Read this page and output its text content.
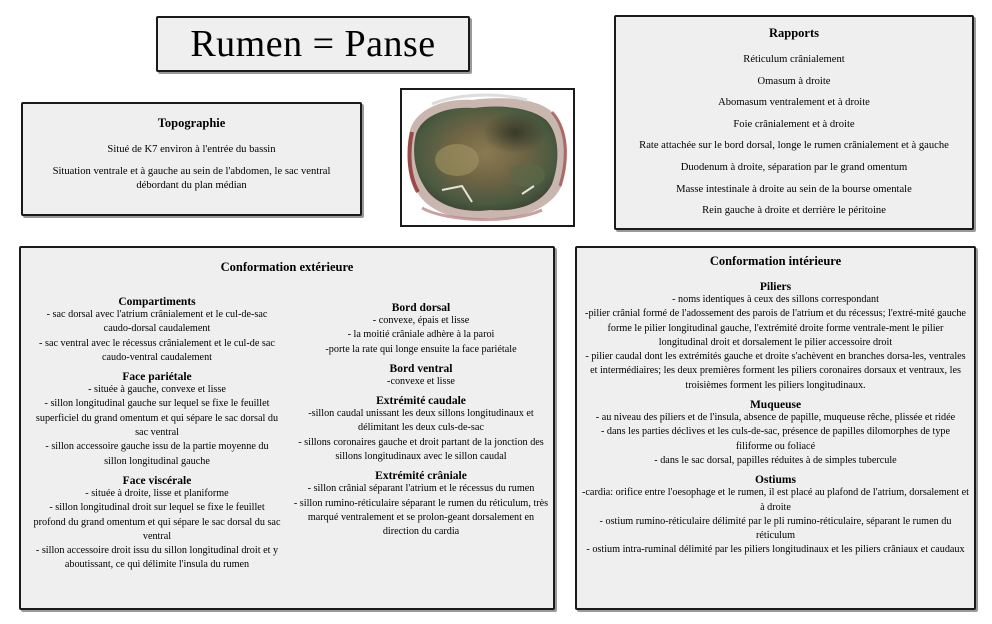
Rumen = Panse
Topographie
Situé de K7 environ à l'entrée du bassin
Situation ventrale et à gauche au sein de l'abdomen, le sac ventral débordant du plan médian
Rapports
Réticulum crânialement
Omasum à droite
Abomasum ventralement et à droite
Foie crânialement et à droite
Rate attachée sur le bord dorsal, longe le rumen crânialement et à gauche
Duodenum à droite, séparation par le grand omentum
Masse intestinale à droite au sein de la bourse omentale
Rein gauche à droite et derrière le péritoine
Conformation extérieure
Compartiments
- sac dorsal avec l'atrium crânialement et le cul-de-sac caudo-dorsal caudalement
- sac ventral avec le récessus crânialement et le cul-de sac caudo-ventral caudalement
Face pariétale
- située à gauche, convexe et lisse
- sillon longitudinal gauche sur lequel se fixe le feuillet superficiel du grand omentum et qui sépare le sac dorsal du sac ventral
- sillon accessoire gauche issu de la partie moyenne du sillon longitudinal gauche
Face viscérale
- située à droite, lisse et planiforme
- sillon longitudinal droit sur lequel se fixe le feuillet profond du grand omentum et qui sépare le sac dorsal du sac ventral
- sillon accessoire droit issu du sillon longitudinal droit et y aboutissant, ce qui délimite l'insula du rumen
Bord dorsal
- convexe, épais et lisse
- la moitié crâniale adhère à la paroi
-porte la rate qui longe ensuite la face pariétale
Bord ventral
-convexe et lisse
Extrémité caudale
-sillon caudal unissant les deux sillons longitudinaux et délimitant les deux culs-de-sac
- sillons coronaires gauche et droit partant de la jonction des sillons longitudinaux avec le sillon caudal
Extrémité crâniale
- sillon crânial séparant l'atrium et le récessus du rumen
- sillon rumino-réticulaire séparant le rumen du réticulum, très marqué ventralement et se prolon-geant dorsalement en direction du cardia
Conformation intérieure
Piliers
- noms identiques à ceux des sillons correspondant
-pilier crânial formé de l'adossement des parois de l'atrium et du récessus; l'extré-mité gauche forme le pilier longitudinal gauche, l'extrémité droite forme ventrale-ment le pilier longitudinal droit et dorsalement le pilier accessoire droit
- pilier caudal dont les extrémités gauche et droite s'achèvent en branches dorsa-les, ventrales et intermédiaires; les deux premières forment les piliers coronaires dorsaux et ventraux, les troisièmes forment les piliers longitudinaux.
Muqueuse
- au niveau des piliers et de l'insula, absence de papille, muqueuse rêche, plissée et ridée
- dans les parties déclives et les culs-de-sac, présence de papilles dilomorphes de type filiforme ou foliacé
- dans le sac dorsal, papilles réduites à de simples tubercule
Ostiums
-cardia: orifice entre l'oesophage et le rumen, il est placé au plafond de l'atrium, dorsalement et à droite
- ostium rumino-réticulaire délimité par le pli rumino-réticulaire, séparant le rumen du réticulum
- ostium intra-ruminal délimité par les piliers longitudinaux et les piliers crâniaux et caudaux
